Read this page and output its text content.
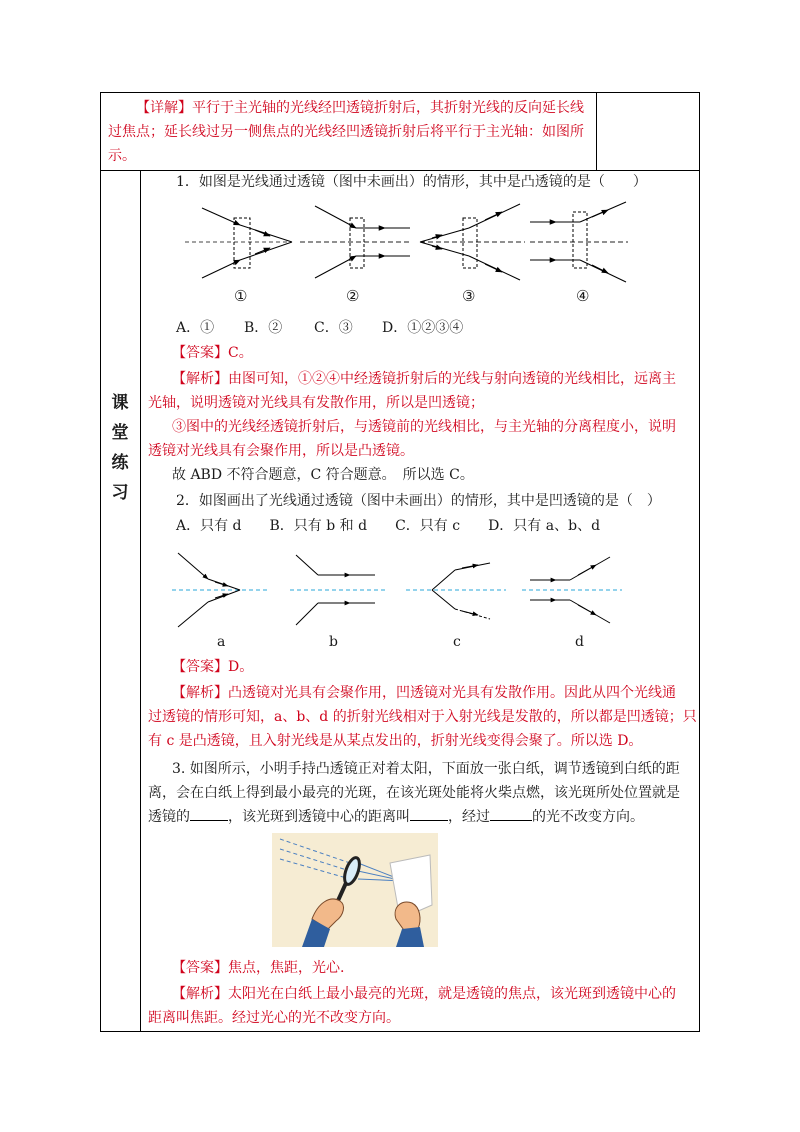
【详解】平行于主光轴的光线经凹透镜折射后，其折射光线的反向延长线
过焦点；延长线过另一侧焦点的光线经凹透镜折射后将平行于主光轴：如图所
示。
课
堂
练
习
1．如图是光线通过透镜（图中未画出）的情形，其中是凸透镜的是（　　）
①	②	③	④
A．① B．② C．③ D．①②③④
【答案】C。
【解析】由图可知，①②④中经透镜折射后的光线与射向透镜的光线相比，远离主
光轴，说明透镜对光线具有发散作用，所以是凹透镜；
③图中的光线经透镜折射后，与透镜前的光线相比，与主光轴的分离程度小，说明
透镜对光线具有会聚作用，所以是凸透镜。
故 ABD 不符合题意，C 符合题意。　所以选 C。
2．如图画出了光线通过透镜（图中未画出）的情形，其中是凹透镜的是（　）
A．只有 d　　B．只有 b 和 d　　C．只有 c　　D．只有 a、b、d
a	b	c	d
【答案】D。
【解析】凸透镜对光具有会聚作用，凹透镜对光具有发散作用。因此从四个光线通
过透镜的情形可知，a、b、d 的折射光线相对于入射光线是发散的，所以都是凹透镜；只
有 c 是凸透镜，且入射光线是从某点发出的，折射光线变得会聚了。所以选 D。
3. 如图所示，小明手持凸透镜正对着太阳，下面放一张白纸，调节透镜到白纸的距
离，会在白纸上得到最小最亮的光斑，在该光斑处能将火柴点燃，该光斑所处位置就是
透镜的	，该光斑到透镜中心的距离叫	，经过	的光不改变方向。
【答案】焦点，焦距，光心.
【解析】太阳光在白纸上最小最亮的光斑，就是透镜的焦点，该光斑到透镜中心的
距离叫焦距。经过光心的光不改变方向。
